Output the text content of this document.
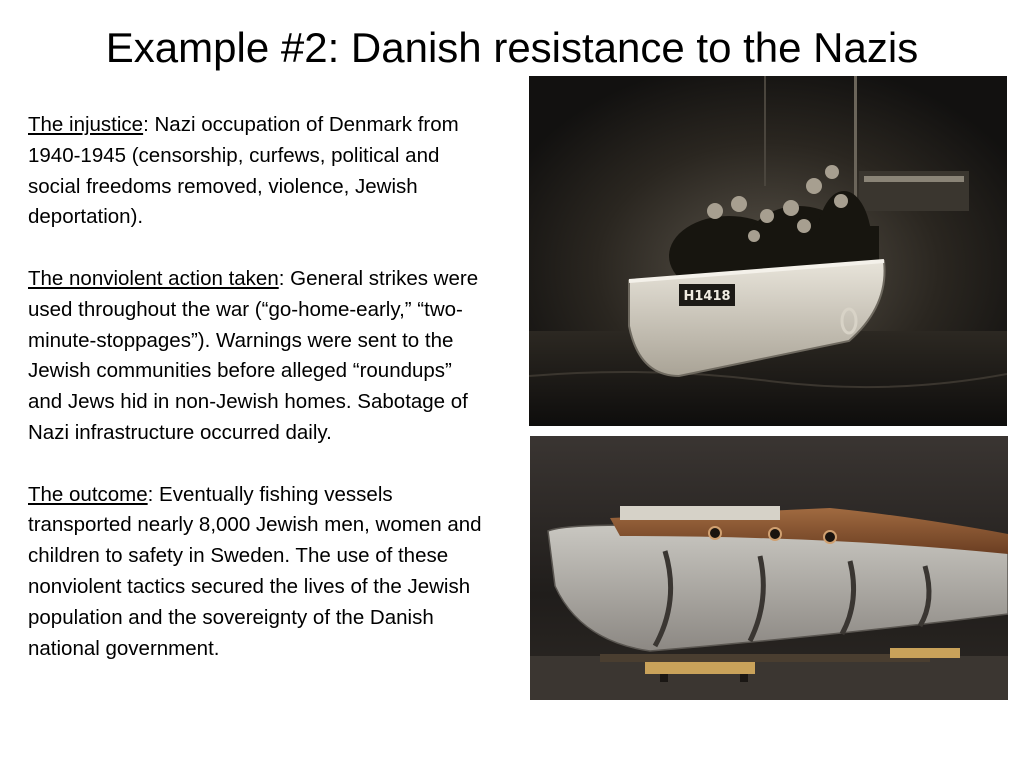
Example #2: Danish resistance to the Nazis

The injustice: Nazi occupation of Denmark from 1940-1945 (censorship, curfews, political and social freedoms removed, violence, Jewish deportation).

The nonviolent action taken: General strikes were used throughout the war (“go-home-early,” “two-minute-stoppages”). Warnings were sent to the Jewish communities before alleged “roundups” and Jews hid in non-Jewish homes. Sabotage of Nazi infrastructure occurred daily.

The outcome: Eventually fishing vessels transported nearly 8,000 Jewish men, women and children to safety in Sweden. The use of these nonviolent tactics secured the lives of the Jewish population and the sovereignty of the Danish national government.

H1418
